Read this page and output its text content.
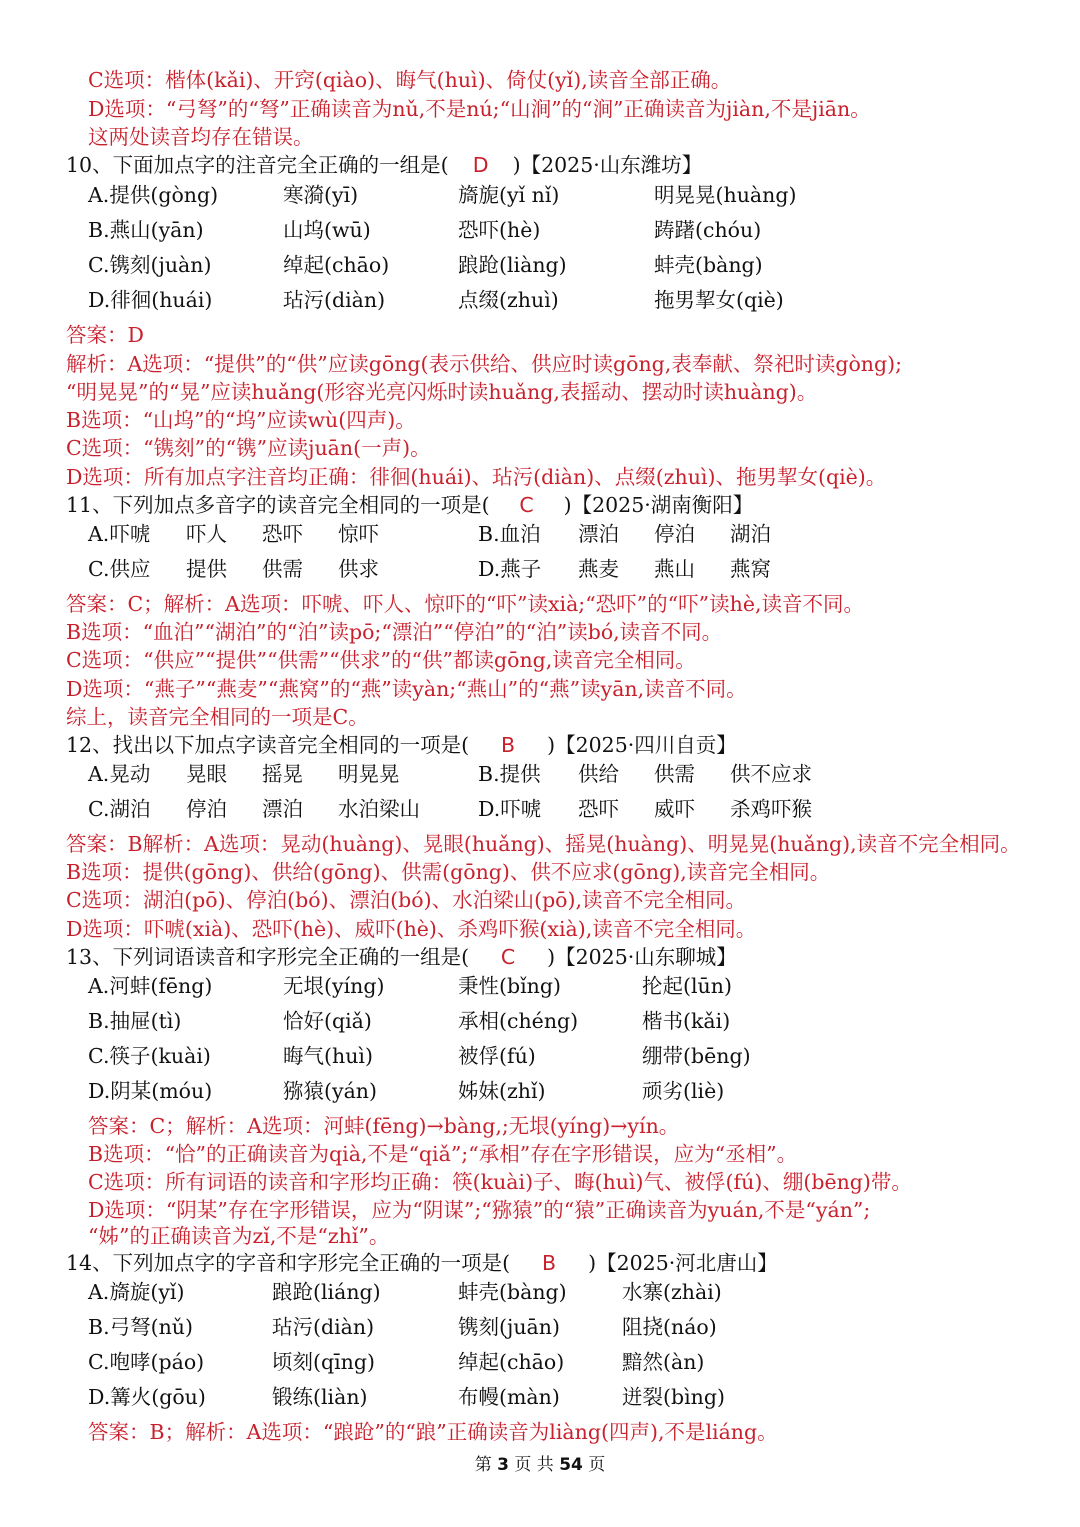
C选项：楷体(kǎi)、开窍(qiào)、晦气(huì)、倚仗(yǐ),读音全部正确。
D选项：“弓弩”的“弩”正确读音为nǔ,不是nú;“山涧”的“涧”正确读音为jiàn,不是jiān。
这两处读音均存在错误。
10、下面加点字的注音完全正确的一组是( D )【2025·山东潍坊】
A.提供(gòng)	寒漪(yī)	旖旎(yǐ nǐ)	明晃晃(huàng)
B.燕山(yān)	山坞(wū)	恐吓(hè)	踌躇(chóu)
C.镌刻(juàn)	绰起(chāo)	踉跄(liàng)	蚌壳(bàng)
D.徘徊(huái)	玷污(diàn)	点缀(zhuì)	拖男挈女(qiè)
答案：D
解析：A选项：“提供”的“供”应读gōng(表示供给、供应时读gōng,表奉献、祭祀时读gòng);
“明晃晃”的“晃”应读huǎng(形容光亮闪烁时读huǎng,表摇动、摆动时读huàng)。
B选项：“山坞”的“坞”应读wù(四声)。
C选项：“镌刻”的“镌”应读juān(一声)。
D选项：所有加点字注音均正确：徘徊(huái)、玷污(diàn)、点缀(zhuì)、拖男挈女(qiè)。
11、下列加点多音字的读音完全相同的一项是( C )【2025·湖南衡阳】
A.吓唬 吓人 恐吓 惊吓	B.血泊 漂泊 停泊 湖泊
C.供应 提供 供需 供求	D.燕子 燕麦 燕山 燕窝
答案：C；解析：A选项：吓唬、吓人、惊吓的“吓”读xià;“恐吓”的“吓”读hè,读音不同。
B选项：“血泊”“湖泊”的“泊”读pō;“漂泊”“停泊”的“泊”读bó,读音不同。
C选项：“供应”“提供”“供需”“供求”的“供”都读gōng,读音完全相同。
D选项：“燕子”“燕麦”“燕窝”的“燕”读yàn;“燕山”的“燕”读yān,读音不同。
综上，读音完全相同的一项是C。
12、找出以下加点字读音完全相同的一项是( B )【2025·四川自贡】
A.晃动 晃眼 摇晃 明晃晃	B.提供 供给 供需 供不应求
C.湖泊 停泊 漂泊 水泊梁山	D.吓唬 恐吓 威吓 杀鸡吓猴
答案：B解析：A选项：晃动(huàng)、晃眼(huǎng)、摇晃(huàng)、明晃晃(huǎng),读音不完全相同。
B选项：提供(gōng)、供给(gōng)、供需(gōng)、供不应求(gōng),读音完全相同。
C选项：湖泊(pō)、停泊(bó)、漂泊(bó)、水泊梁山(pō),读音不完全相同。
D选项：吓唬(xià)、恐吓(hè)、威吓(hè)、杀鸡吓猴(xià),读音不完全相同。
13、下列词语读音和字形完全正确的一组是( C )【2025·山东聊城】
A.河蚌(fēng)	无垠(yíng)	秉性(bǐng)	抡起(lūn)
B.抽屉(tì)	恰好(qiǎ)	承相(chéng)	楷书(kǎi)
C.筷子(kuài)	晦气(huì)	被俘(fú)	绷带(bēng)
D.阴某(móu)	猕猿(yán)	姊妹(zhǐ)	顽劣(liè)
答案：C；解析：A选项：河蚌(fēng)→bàng,;无垠(yíng)→yín。
B选项：“恰”的正确读音为qià,不是“qiǎ”;“承相”存在字形错误，应为“丞相”。
C选项：所有词语的读音和字形均正确：筷(kuài)子、晦(huì)气、被俘(fú)、绷(bēng)带。
D选项：“阴某”存在字形错误，应为“阴谋”;“猕猿”的“猿”正确读音为yuán,不是“yán”;
“姊”的正确读音为zǐ,不是“zhǐ”。
14、下列加点字的字音和字形完全正确的一项是( B )【2025·河北唐山】
A.旖旋(yǐ)	踉跄(liáng)	蚌壳(bàng)	水寨(zhài)
B.弓弩(nǔ)	玷污(diàn)	镌刻(juān)	阻挠(náo)
C.咆哮(páo)	顷刻(qīng)	绰起(chāo)	黯然(àn)
D.篝火(gōu)	锻练(liàn)	布幔(màn)	迸裂(bìng)
答案：B；解析：A选项：“踉跄”的“踉”正确读音为liàng(四声),不是liáng。
第 3 页 共 54 页
